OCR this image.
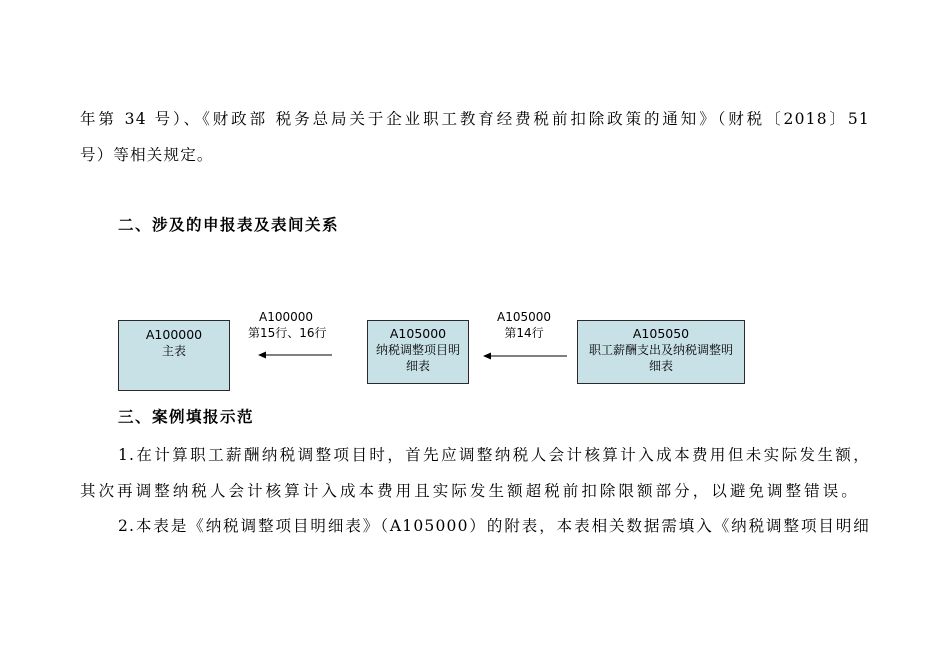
年第 34 号）、《财政部 税务总局关于企业职工教育经费税前扣除政策的通知》（财税〔2018〕51
号）等相关规定。
二、涉及的申报表及表间关系
A100000
主表
A100000
第15行、16行	A105000
纳税调整项目明细表
A105000
第14行	A105050
职工薪酬支出及纳税调整明细表
三、案例填报示范
1.在计算职工薪酬纳税调整项目时，首先应调整纳税人会计核算计入成本费用但未实际发生额，
其次再调整纳税人会计核算计入成本费用且实际发生额超税前扣除限额部分，以避免调整错误。
2.本表是《纳税调整项目明细表》（A105000）的附表，本表相关数据需填入《纳税调整项目明细
